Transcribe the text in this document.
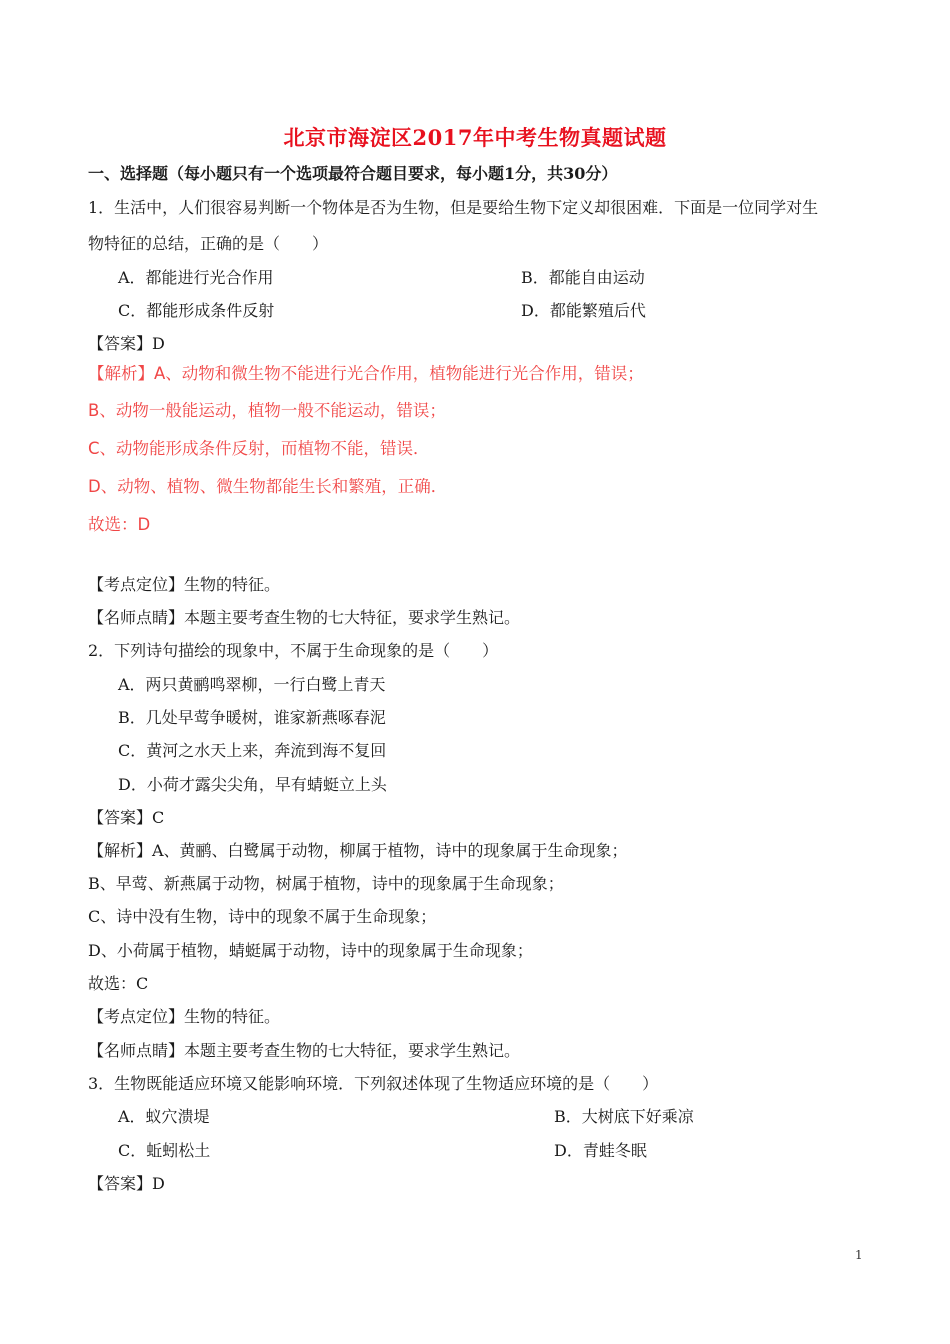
北京市海淀区2017年中考生物真题试题
一、选择题（每小题只有一个选项最符合题目要求，每小题1分，共30分）
1．生活中，人们很容易判断一个物体是否为生物，但是要给生物下定义却很困难．下面是一位同学对生
物特征的总结，正确的是（　　）
A．都能进行光合作用	B．都能自由运动
C．都能形成条件反射	D．都能繁殖后代
【答案】D
【解析】A、动物和微生物不能进行光合作用，植物能进行光合作用，错误；
B、动物一般能运动，植物一般不能运动，错误；
C、动物能形成条件反射，而植物不能，错误．
D、动物、植物、微生物都能生长和繁殖，正确．
故选：D
【考点定位】生物的特征。
【名师点睛】本题主要考查生物的七大特征，要求学生熟记。
2．下列诗句描绘的现象中，不属于生命现象的是（　　）
A．两只黄鹂鸣翠柳，一行白鹭上青天
B．几处早莺争暖树，谁家新燕啄春泥
C．黄河之水天上来，奔流到海不复回
D．小荷才露尖尖角，早有蜻蜓立上头
【答案】C
【解析】A、黄鹂、白鹭属于动物，柳属于植物，诗中的现象属于生命现象；
B、早莺、新燕属于动物，树属于植物，诗中的现象属于生命现象；
C、诗中没有生物，诗中的现象不属于生命现象；
D、小荷属于植物，蜻蜓属于动物，诗中的现象属于生命现象；
故选：C
【考点定位】生物的特征。
【名师点睛】本题主要考查生物的七大特征，要求学生熟记。
3．生物既能适应环境又能影响环境．下列叙述体现了生物适应环境的是（　　）
A．蚁穴溃堤	B．大树底下好乘凉
C．蚯蚓松土	D．青蛙冬眠
【答案】D
1
